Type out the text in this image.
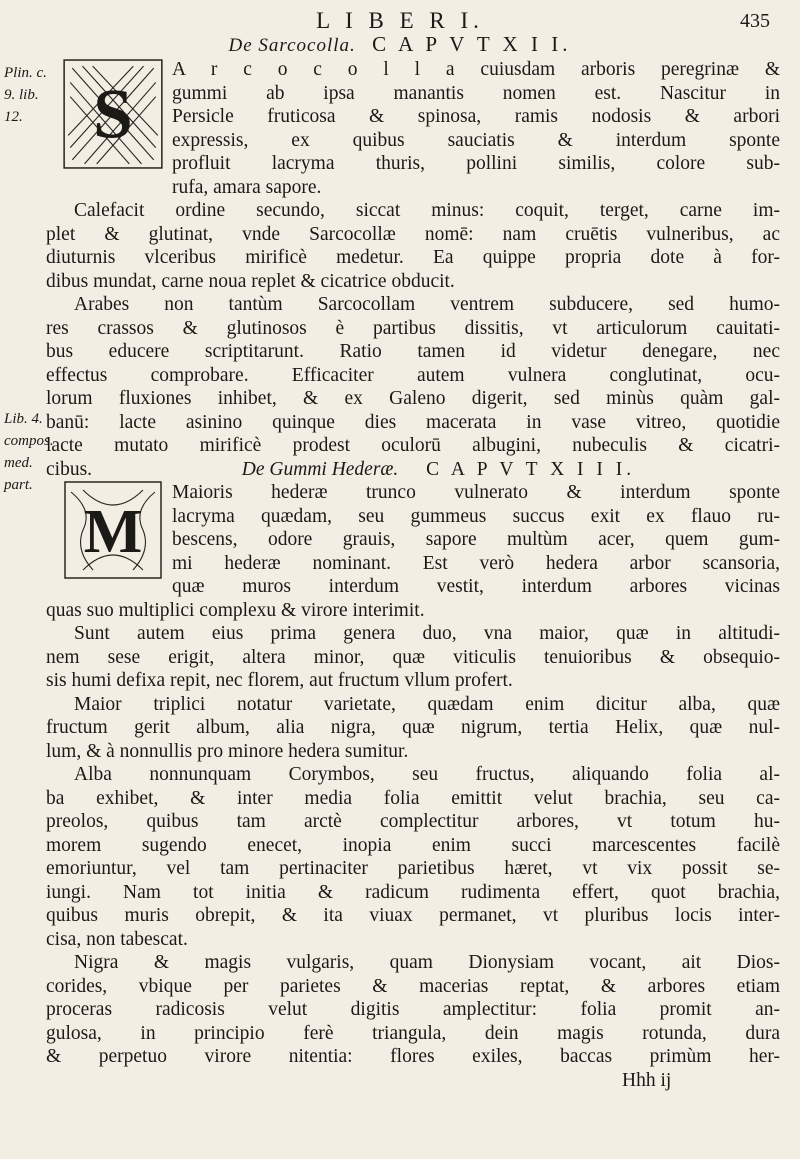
L I B E R I.	435
De Sarcocolla. C A P V T X I I.
S
Plin. c.
9. lib.
12.
Lib. 4.
compos.
med.
part.
A r c o c o l l a cuiusdam arboris peregrinæ &
gummi ab ipsa manantis nomen est. Nascitur in
Persicle fruticosa & spinosa, ramis nodosis & arbori
expressis, ex quibus sauciatis & interdum sponte
profluit lacryma thuris, pollini similis, colore sub-
rufa, amara sapore.
Calefacit ordine secundo, siccat minus: coquit, terget, carne im-
plet & glutinat, vnde Sarcocollæ nomē: nam cruētis vulneribus, ac
diuturnis vlceribus mirificè medetur. Ea quippe propria dote à for-
dibus mundat, carne noua replet & cicatrice obducit.
Arabes non tantùm Sarcocollam ventrem subducere, sed humo-
res crassos & glutinosos è partibus dissitis, vt articulorum cauitati-
bus educere scriptitarunt. Ratio tamen id videtur denegare, nec
effectus comprobare. Efficaciter autem vulnera conglutinat, ocu-
lorum fluxiones inhibet, & ex Galeno digerit, sed minùs quàm gal-
banū: lacte asinino quinque dies macerata in vase vitreo, quotidie
lacte mutato mirificè prodest oculorū albugini, nubeculis & cicatri-
cibus.	De Gummi Hederæ. C A P V T X I I I.
M
Maioris hederæ trunco vulnerato & interdum sponte
lacryma quædam, seu gummeus succus exit ex flauo ru-
bescens, odore grauis, sapore multùm acer, quem gum-
mi hederæ nominant. Est verò hedera arbor scansoria,
quæ muros interdum vestit, interdum arbores vicinas
quas suo multiplici complexu & virore interimit.
Sunt autem eius prima genera duo, vna maior, quæ in altitudi-
nem sese erigit, altera minor, quæ viticulis tenuioribus & obsequio-
sis humi defixa repit, nec florem, aut fructum vllum profert.
Maior triplici notatur varietate, quædam enim dicitur alba, quæ
fructum gerit album, alia nigra, quæ nigrum, tertia Helix, quæ nul-
lum, & à nonnullis pro minore hedera sumitur.
Alba nonnunquam Corymbos, seu fructus, aliquando folia al-
ba exhibet, & inter media folia emittit velut brachia, seu ca-
preolos, quibus tam arctè complectitur arbores, vt totum hu-
morem sugendo enecet, inopia enim succi marcescentes facilè
emoriuntur, vel tam pertinaciter parietibus hæret, vt vix possit se-
iungi. Nam tot initia & radicum rudimenta effert, quot brachia,
quibus muris obrepit, & ita viuax permanet, vt pluribus locis inter-
cisa, non tabescat.
Nigra & magis vulgaris, quam Dionysiam vocant, ait Dios-
corides, vbique per parietes & macerias reptat, & arbores etiam
proceras radicosis velut digitis amplectitur: folia promit an-
gulosa, in principio ferè triangula, dein magis rotunda, dura
& perpetuo virore nitentia: flores exiles, baccas primùm her-
Hhh ij
